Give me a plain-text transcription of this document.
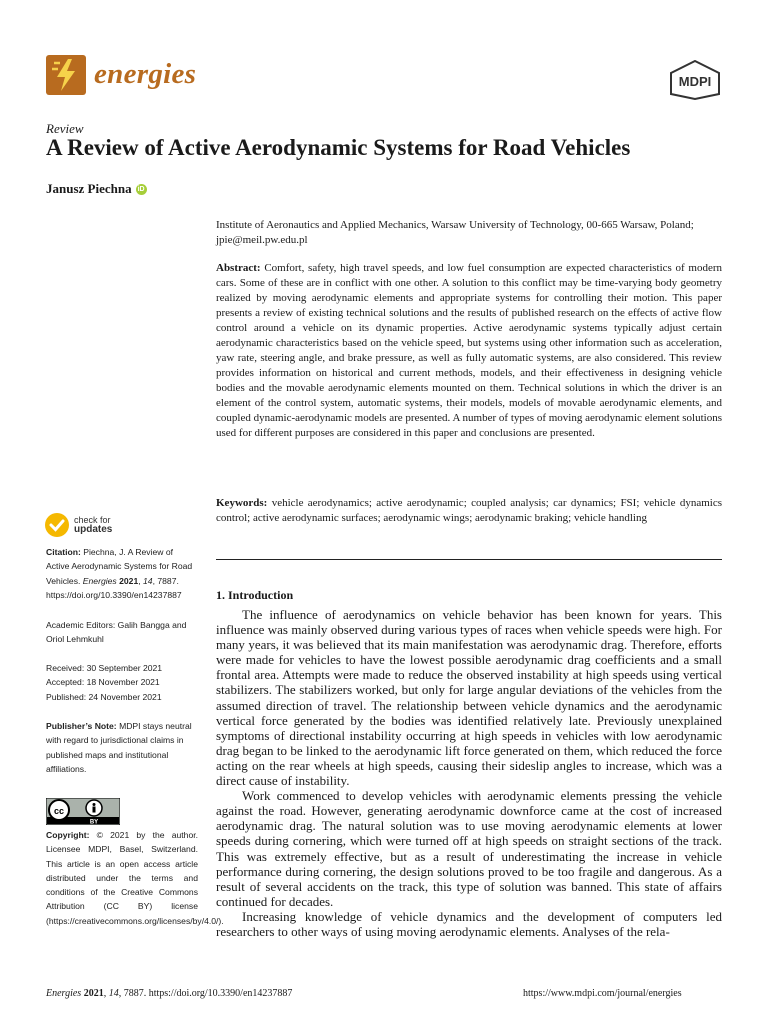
energies	MDPI
Review
A Review of Active Aerodynamic Systems for Road Vehicles
Janusz Piechna iD
Institute of Aeronautics and Applied Mechanics, Warsaw University of Technology, 00-665 Warsaw, Poland; jpie@meil.pw.edu.pl
Abstract: Comfort, safety, high travel speeds, and low fuel consumption are expected characteristics of modern cars. Some of these are in conflict with one other. A solution to this conflict may be time-varying body geometry realized by moving aerodynamic elements and appropriate systems for controlling their motion. This paper presents a review of existing technical solutions and the results of published research on the effects of active flow control around a vehicle on its dynamic properties. Active aerodynamic systems typically adjust certain aerodynamic characteristics based on the vehicle speed, but systems using other information such as acceleration, yaw rate, steering angle, and brake pressure, as well as fully automatic systems, are also considered. This review provides information on historical and current methods, models, and their effectiveness in designing vehicle bodies and the movable aerodynamic elements mounted on them. Technical solutions in which the driver is an element of the control system, automatic systems, their models, models of movable aerodynamic elements, and coupled dynamic-aerodynamic models are presented. A number of types of moving aerodynamic element solutions used for different purposes are considered in this paper and conclusions are presented.
Keywords: vehicle aerodynamics; active aerodynamic; coupled analysis; car dynamics; FSI; vehicle dynamics control; active aerodynamic surfaces; aerodynamic wings; aerodynamic braking; vehicle handling
1. Introduction

The influence of aerodynamics on vehicle behavior has been known for years. This influence was mainly observed during various types of races when vehicle speeds were high. For many years, it was believed that its main manifestation was aerodynamic drag. Therefore, efforts were made for vehicles to have the lowest possible aerodynamic drag coefficients and a small frontal area. Attempts were made to reduce the observed instability at high speeds using vertical stabilizers. The stabilizers worked, but only for large angular deviations of the vehicles from the assumed direction of travel. The relationship between vehicle dynamics and the aerodynamic vertical force generated by the bodies was identified relatively late. Previously unexplained symptoms of directional instability occurring at high speeds in vehicles with low aerodynamic drag began to be linked to the aerodynamic lift force generated on them, which reduced the force acting on the rear wheels at high speeds, causing their sideslip angles to increase, which was a direct cause of instability.

Work commenced to develop vehicles with aerodynamic elements pressing the vehicle against the road. However, generating aerodynamic downforce came at the cost of increased aerodynamic drag. The natural solution was to use moving aerodynamic elements at lower speeds during cornering, which were turned off at high speeds on straight sections of the track. This was extremely effective, but as a result of underestimating the increase in vehicle performance during cornering, the design solutions proved to be too fragile and dangerous. As a result of several accidents on the track, this type of solution was banned. This state of affairs continued for decades.

Increasing knowledge of vehicle dynamics and the development of computers led researchers to other ways of using moving aerodynamic elements. Analyses of the rela-

check for
updates
Citation: Piechna, J. A Review of Active Aerodynamic Systems for Road Vehicles. Energies 2021, 14, 7887. https://doi.org/10.3390/en14237887
Academic Editors: Galih Bangga and Oriol Lehmkuhl
Received: 30 September 2021
Accepted: 18 November 2021
Published: 24 November 2021
Publisher’s Note: MDPI stays neutral with regard to jurisdictional claims in published maps and institutional affiliations.
cc
BY
Copyright: © 2021 by the author. Licensee MDPI, Basel, Switzerland. This article is an open access article distributed under the terms and conditions of the Creative Commons Attribution (CC BY) license (https://creativecommons.org/licenses/by/4.0/).
Energies 2021, 14, 7887. https://doi.org/10.3390/en14237887	https://www.mdpi.com/journal/energies
